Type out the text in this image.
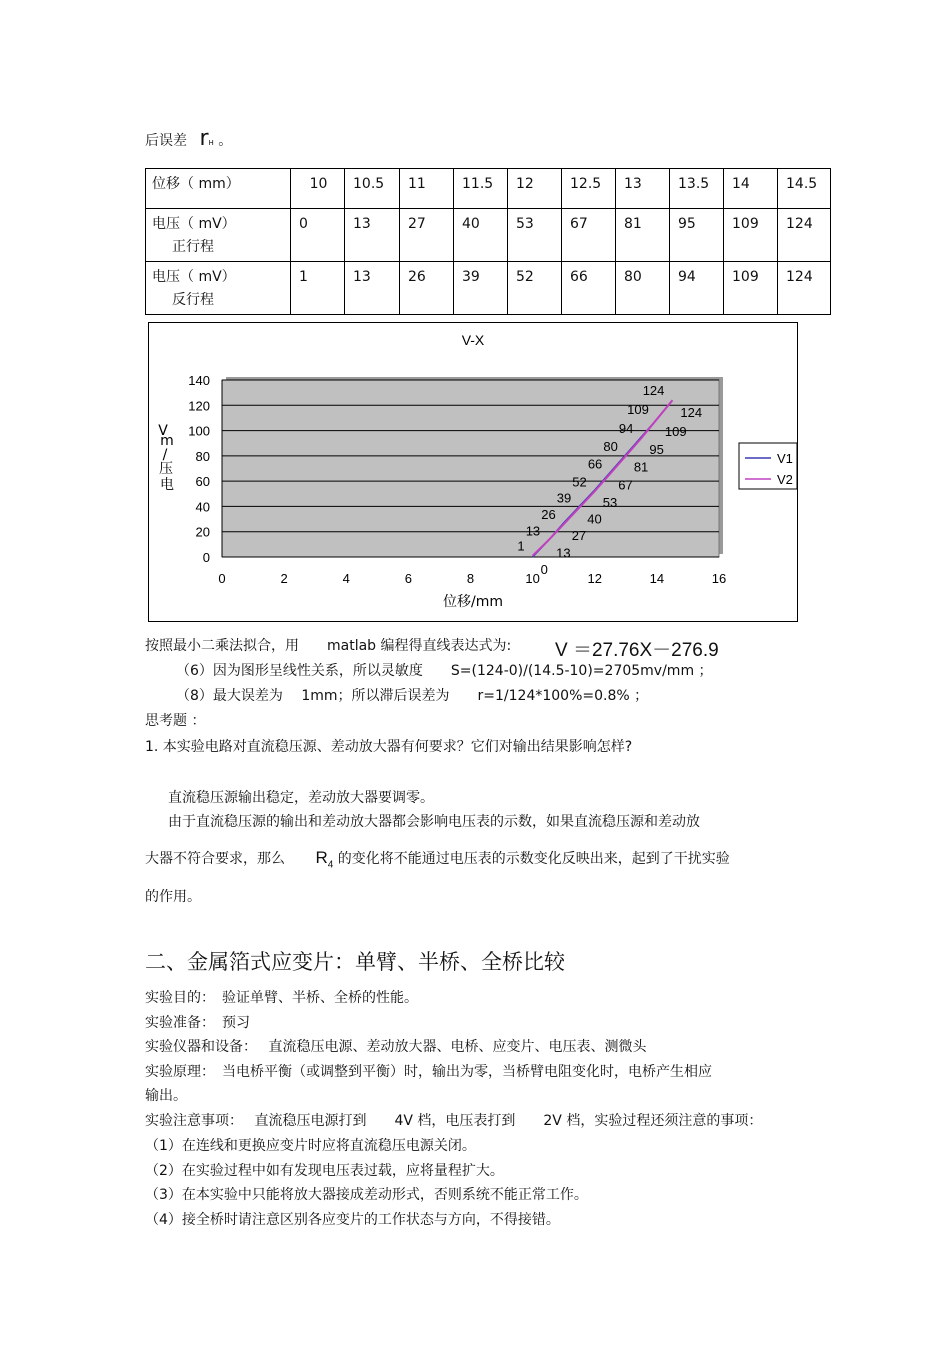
后误差 rH 。
位移（ mm）	10	10.5	11	11.5	12	12.5	13	13.5	14	14.5
电压（ mV）
正行程	0	13	27	40	53	67	81	95	109	124
电压（ mV）
反行程	1	13	26	39	52	66	80	94	109	124
0
20
40
60
80
100
120
140
0	2	4	6	8	10	12	14	16
V-X
位移/mm
V
m
/
压
电
0
13
27
40
53
67
81
95
109
124
1
13
26
39
52
66
80
94
109
124
V1
V2
按照最小二乘法拟合，用　　matlab 编程得直线表达式为: V ＝27.76X－276.9
（6）因为图形呈线性关系，所以灵敏度　　S=(124-0)/(14.5-10)=2705mv/mm ；
（8）最大误差为　 1mm；所以滞后误差为　　r=1/124*100%=0.8% ；
思考题 ：
1. 本实验电路对直流稳压源、差动放大器有何要求？它们对输出结果影响怎样?
直流稳压源输出稳定，差动放大器要调零。
由于直流稳压源的输出和差动放大器都会影响电压表的示数，如果直流稳压源和差动放
大器不符合要求，那么 $R_4$ 的变化将不能通过电压表的示数变化反映出来，起到了干扰实验
的作用。
二、金属箔式应变片：单臂、半桥、全桥比较
实验目的：　验证单臂、半桥、全桥的性能。
实验准备：　预习
实验仪器和设备：　 直流稳压电源、差动放大器、电桥、应变片、电压表、测微头
实验原理：　当电桥平衡（或调整到平衡）时，输出为零，当桥臂电阻变化时，电桥产生相应
输出。
实验注意事项：　 直流稳压电源打到　　4V 档，电压表打到　　2V 档，实验过程还须注意的事项：
（1）在连线和更换应变片时应将直流稳压电源关闭。
（2）在实验过程中如有发现电压表过载，应将量程扩大。
（3）在本实验中只能将放大器接成差动形式，否则系统不能正常工作。
（4）接全桥时请注意区别各应变片的工作状态与方向，不得接错。
